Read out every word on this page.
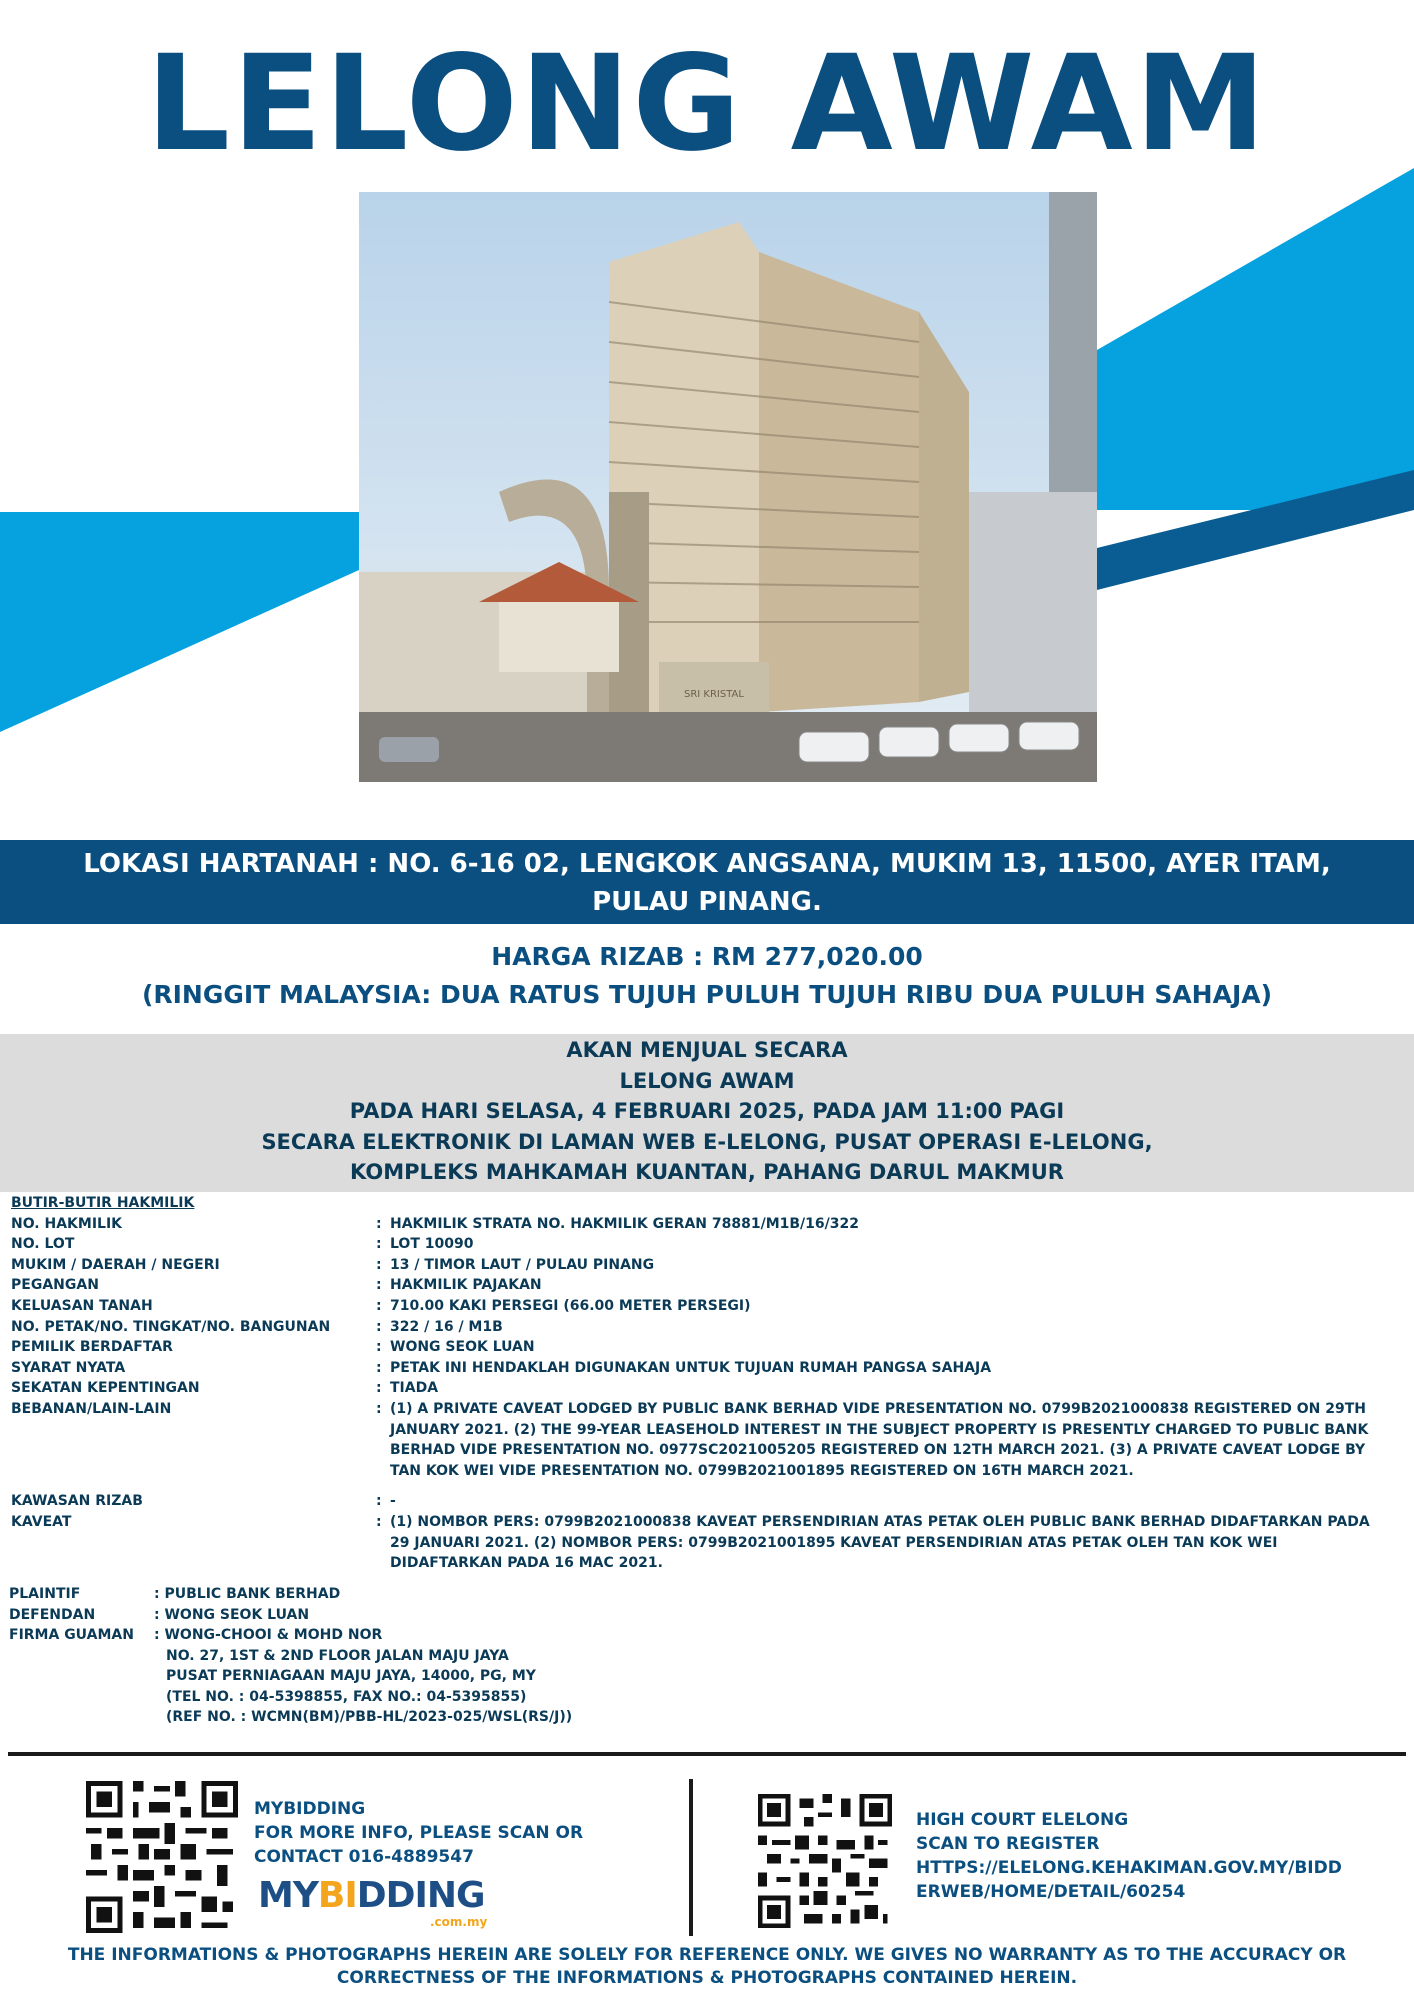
LELONG AWAM
SRI KRISTAL
LOKASI HARTANAH : NO. 6-16 02, LENGKOK ANGSANA, MUKIM 13, 11500, AYER ITAM,
PULAU PINANG.
HARGA RIZAB : RM 277,020.00
(RINGGIT MALAYSIA: DUA RATUS TUJUH PULUH TUJUH RIBU DUA PULUH SAHAJA)
AKAN MENJUAL SECARA
LELONG AWAM
PADA HARI SELASA, 4 FEBRUARI 2025, PADA JAM 11:00 PAGI
SECARA ELEKTRONIK DI LAMAN WEB E-LELONG, PUSAT OPERASI E-LELONG,
KOMPLEKS MAHKAMAH KUANTAN, PAHANG DARUL MAKMUR
BUTIR-BUTIR HAKMILIK
NO. HAKMILIK	: HAKMILIK STRATA NO. HAKMILIK GERAN 78881/M1B/16/322
NO. LOT	: LOT 10090
MUKIM / DAERAH / NEGERI	: 13 / TIMOR LAUT / PULAU PINANG
PEGANGAN	: HAKMILIK PAJAKAN
KELUASAN TANAH	: 710.00 KAKI PERSEGI (66.00 METER PERSEGI)
NO. PETAK/NO. TINGKAT/NO. BANGUNAN	: 322 / 16 / M1B
PEMILIK BERDAFTAR	: WONG SEOK LUAN
SYARAT NYATA	: PETAK INI HENDAKLAH DIGUNAKAN UNTUK TUJUAN RUMAH PANGSA SAHAJA
SEKATAN KEPENTINGAN	: TIADA
BEBANAN/LAIN-LAIN	: (1) A PRIVATE CAVEAT LODGED BY PUBLIC BANK BERHAD VIDE PRESENTATION NO. 0799B2021000838 REGISTERED ON 29TH JANUARY 2021. (2) THE 99-YEAR LEASEHOLD INTEREST IN THE SUBJECT PROPERTY IS PRESENTLY CHARGED TO PUBLIC BANK BERHAD VIDE PRESENTATION NO. 0977SC2021005205 REGISTERED ON 12TH MARCH 2021. (3) A PRIVATE CAVEAT LODGE BY TAN KOK WEI VIDE PRESENTATION NO. 0799B2021001895 REGISTERED ON 16TH MARCH 2021.
KAWASAN RIZAB	: -
KAVEAT	: (1) NOMBOR PERS: 0799B2021000838 KAVEAT PERSENDIRIAN ATAS PETAK OLEH PUBLIC BANK BERHAD DIDAFTARKAN PADA 29 JANUARI 2021. (2) NOMBOR PERS: 0799B2021001895 KAVEAT PERSENDIRIAN ATAS PETAK OLEH TAN KOK WEI DIDAFTARKAN PADA 16 MAC 2021.
PLAINTIF	: PUBLIC BANK BERHAD
DEFENDAN	: WONG SEOK LUAN
FIRMA GUAMAN	: WONG-CHOOI & MOHD NOR
NO. 27, 1ST & 2ND FLOOR JALAN MAJU JAYA
PUSAT PERNIAGAAN MAJU JAYA, 14000, PG, MY
(TEL NO. : 04-5398855, FAX NO.: 04-5395855)
(REF NO. : WCMN(BM)/PBB-HL/2023-025/WSL(RS/J))
MYBIDDING
FOR MORE INFO, PLEASE SCAN OR
CONTACT 016-4889547
MYBIDDING
.com.my
HIGH COURT ELELONG
SCAN TO REGISTER
HTTPS://ELELONG.KEHAKIMAN.GOV.MY/BIDD
ERWEB/HOME/DETAIL/60254
THE INFORMATIONS & PHOTOGRAPHS HEREIN ARE SOLELY FOR REFERENCE ONLY. WE GIVES NO WARRANTY AS TO THE ACCURACY OR CORRECTNESS OF THE INFORMATIONS & PHOTOGRAPHS CONTAINED HEREIN.
